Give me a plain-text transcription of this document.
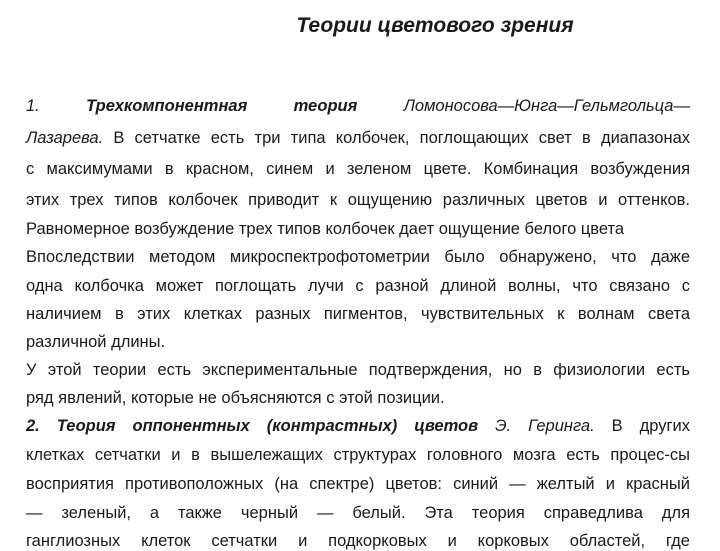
Теории цветового зрения
1.	Трехкомпонентная	теория	Ломоносова—Юнга—Гельмгольца—
Лазарева. В сетчатке есть три типа колбочек, поглощающих свет в диапазонах
с максимумами в красном, синем и зеленом цвете. Комбинация возбуждения
этих трех типов колбочек приводит к ощущению различных цветов и оттенков.
Равномерное возбуждение трех типов колбочек дает ощущение белого цвета
Впоследствии методом микроспектрофотометрии было обнаружено, что даже
одна колбочка может поглощать лучи с разной длиной волны, что связано с
наличием в этих клетках разных пигментов, чувствительных к волнам света
различной длины.
У этой теории есть экспериментальные подтверждения, но в физиологии есть
ряд явлений, которые не объясняются с этой позиции.
2. Теория оппонентных (контрастных) цветов Э. Геринга. В других
клетках сетчатки и в вышележащих структурах головного мозга есть процес-сы
восприятия противоположных (на спектре) цветов: синий — желтый и красный
— зеленый, а также черный — белый. Эта теория справедлива для
ганглиозных клеток сетчатки и подкорковых и корковых областей, где
